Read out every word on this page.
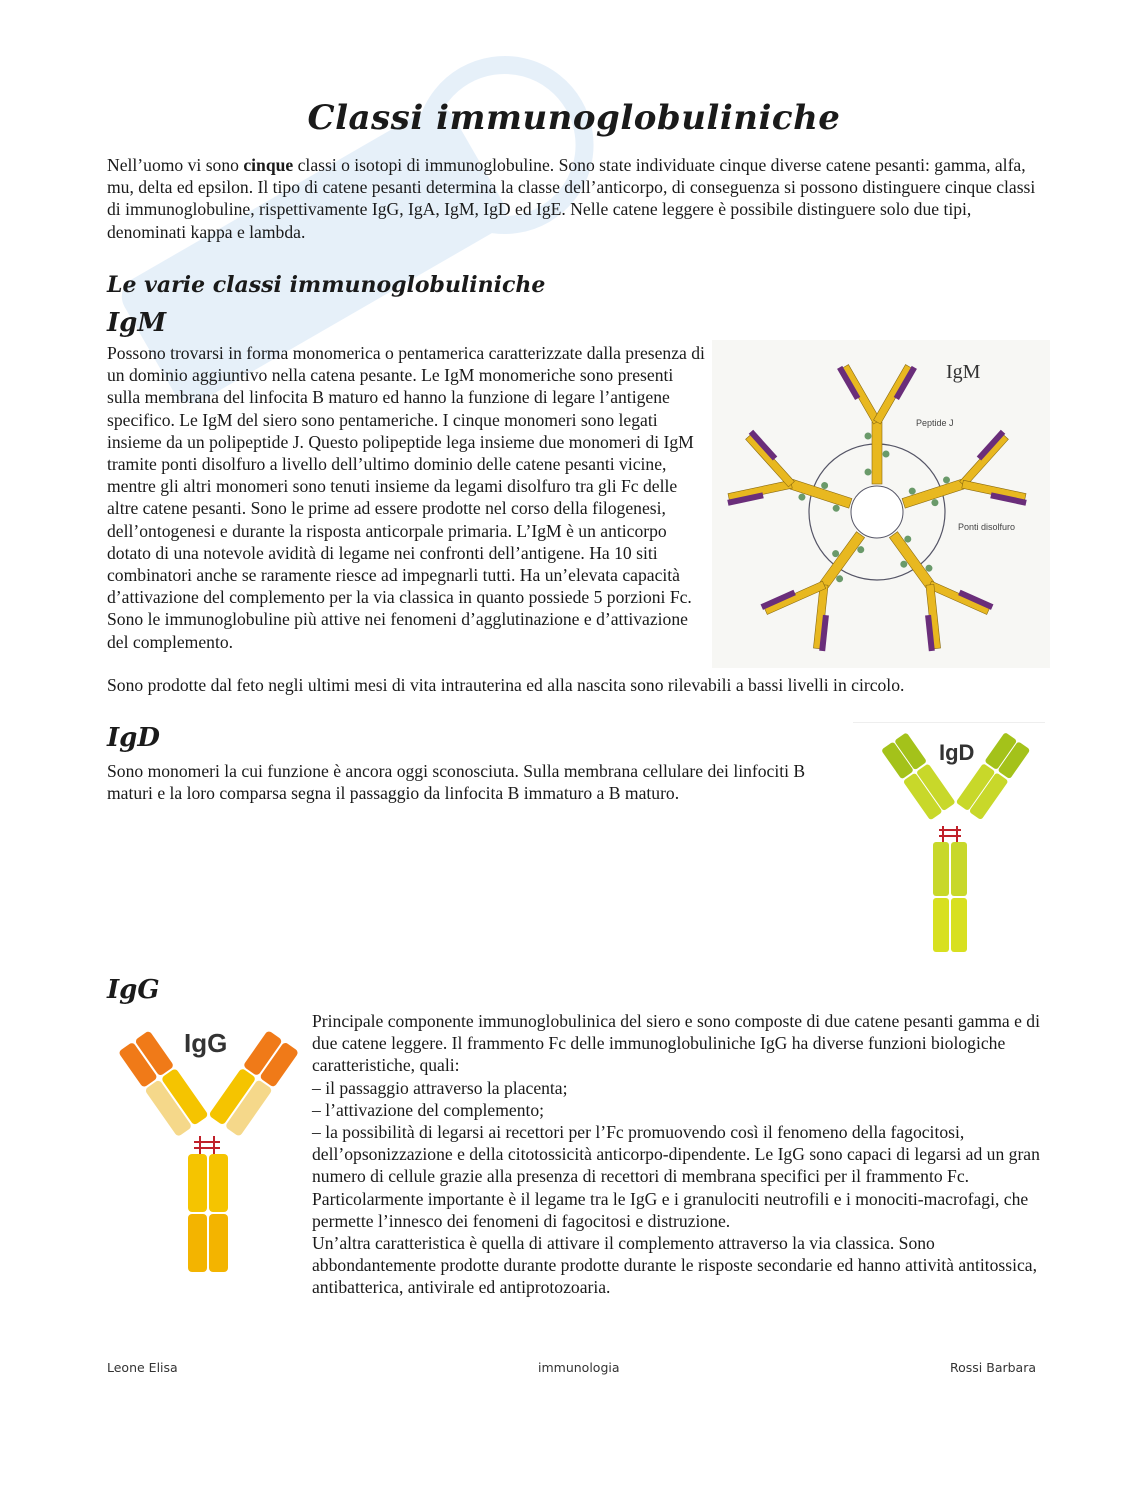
Classi immunoglobuliniche

Nell’uomo vi sono cinque classi o isotopi di immunoglobuline. Sono state individuate cinque diverse catene pesanti: gamma, alfa, mu, delta ed epsilon. Il tipo di catene pesanti determina la classe dell’anticorpo, di conseguenza si possono distinguere cinque classi di immunoglobuline, rispettivamente IgG, IgA, IgM, IgD ed IgE. Nelle catene leggere è possibile distinguere solo due tipi, denominati kappa e lambda.

Le varie classi immunoglobuliniche
IgM

Possono trovarsi in forma monomerica o pentamerica caratterizzate dalla presenza di un dominio aggiuntivo nella catena pesante. Le IgM monomeriche sono presenti sulla membrana del linfocita B maturo ed hanno la funzione di legare l’antigene specifico. Le IgM del siero sono pentameriche. I cinque monomeri sono legati insieme da un polipeptide J. Questo polipeptide lega insieme due monomeri di IgM tramite ponti disolfuro a livello dell’ultimo dominio delle catene pesanti vicine, mentre gli altri monomeri sono tenuti insieme da legami disolfuro tra gli Fc delle altre catene pesanti. Sono le prime ad essere prodotte nel corso della filogenesi, dell’ontogenesi e durante la risposta anticorpale primaria. L’IgM è un anticorpo dotato di una notevole avidità di legame nei confronti dell’antigene. Ha 10 siti combinatori anche se raramente riesce ad impegnarli tutti. Ha un’elevata capacità d’attivazione del complemento per la via classica in quanto possiede 5 porzioni Fc. Sono le immunoglobuline più attive nei fenomeni d’agglutinazione e d’attivazione del complemento.

Sono prodotte dal feto negli ultimi mesi di vita intrauterina ed alla nascita sono rilevabili a bassi livelli in circolo.

IgM
Peptide J
Ponti disolfuro
IgD

Sono monomeri la cui funzione è ancora oggi sconosciuta. Sulla membrana cellulare dei linfociti B maturi e la loro comparsa segna il passaggio da linfocita B immaturo a B maturo.

IgD
IgG
IgG
Principale componente immunoglobulinica del siero e sono composte di due catene pesanti gamma e di due catene leggere. Il frammento Fc delle immunoglobuliniche IgG ha diverse funzioni biologiche caratteristiche, quali:
– il passaggio attraverso la placenta;
– l’attivazione del complemento;
– la possibilità di legarsi ai recettori per l’Fc promuovendo così il fenomeno della fagocitosi, dell’opsonizzazione e della citotossicità anticorpo-dipendente. Le IgG sono capaci di legarsi ad un gran numero di cellule grazie alla presenza di recettori di membrana specifici per il frammento Fc. Particolarmente importante è il legame tra le IgG e i granulociti neutrofili e i monociti-macrofagi, che permette l’innesco dei fenomeni di fagocitosi e distruzione.
Un’altra caratteristica è quella di attivare il complemento attraverso la via classica. Sono abbondantemente prodotte durante prodotte durante le risposte secondarie ed hanno attività antitossica, antibatterica, antivirale ed antiprotozoaria.
Leone Elisa	immunologia	Rossi Barbara
